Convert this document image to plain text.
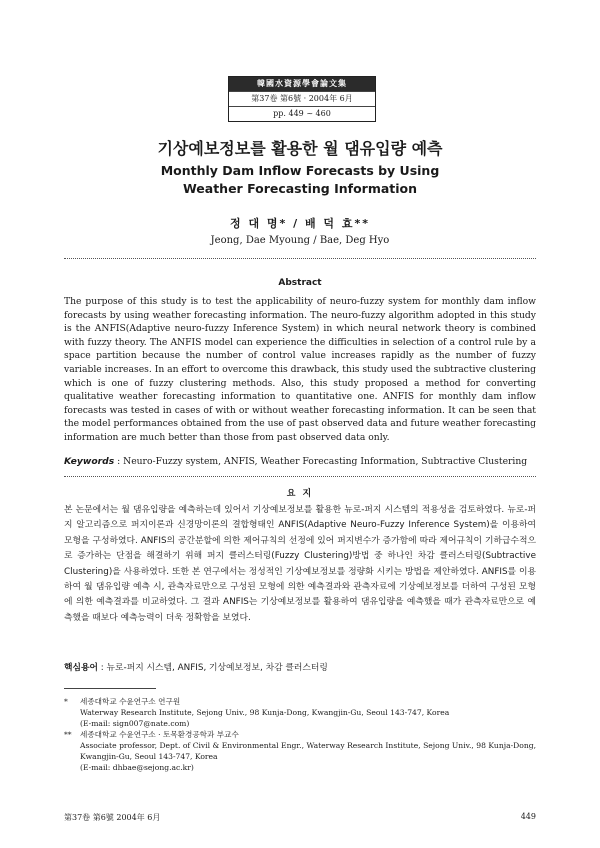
韓國水資源學會論文集
第37卷 第6號 · 2004年 6月
pp. 449 ~ 460
기상예보정보를 활용한 월 댐유입량 예측
Monthly Dam Inflow Forecasts by Using
Weather Forecasting Information
정 대 명* / 배 덕 효**
Jeong, Dae Myoung / Bae, Deg Hyo
Abstract
The purpose of this study is to test the applicability of neuro-fuzzy system for monthly dam inflow forecasts by using weather forecasting information. The neuro-fuzzy algorithm adopted in this study is the ANFIS(Adaptive neuro-fuzzy Inference System) in which neural network theory is combined with fuzzy theory. The ANFIS model can experience the difficulties in selection of a control rule by a space partition because the number of control value increases rapidly as the number of fuzzy variable increases. In an effort to overcome this drawback, this study used the subtractive clustering which is one of fuzzy clustering methods. Also, this study proposed a method for converting qualitative weather forecasting information to quantitative one. ANFIS for monthly dam inflow forecasts was tested in cases of with or without weather forecasting information. It can be seen that the model performances obtained from the use of past observed data and future weather forecasting information are much better than those from past observed data only.
Keywords : Neuro-Fuzzy system, ANFIS, Weather Forecasting Information, Subtractive Clustering
요 지
본 논문에서는 월 댐유입량을 예측하는데 있어서 기상예보정보를 활용한 뉴로-퍼지 시스템의 적용성을 검토하였다. 뉴로-퍼지 알고리즘으로 퍼지이론과 신경망이론의 결합형태인 ANFIS(Adaptive Neuro-Fuzzy Inference System)을 이용하여 모형을 구성하였다. ANFIS의 공간분할에 의한 제어규칙의 선정에 있어 퍼지변수가 증가함에 따라 제어규칙이 기하급수적으로 증가하는 단점을 해결하기 위해 퍼지 클러스터링(Fuzzy Clustering)방법 중 하나인 차감 클러스터링(Subtractive Clustering)을 사용하였다. 또한 본 연구에서는 정성적인 기상예보정보를 정량화 시키는 방법을 제안하였다. ANFIS를 이용하여 월 댐유입량 예측 시, 관측자료만으로 구성된 모형에 의한 예측결과와 관측자료에 기상예보정보를 더하여 구성된 모형에 의한 예측결과를 비교하였다. 그 결과 ANFIS는 기상예보정보를 활용하여 댐유입량을 예측했을 때가 관측자료만으로 예측했을 때보다 예측능력이 더욱 정확함을 보였다.
핵심용어 : 뉴로-퍼지 시스템, ANFIS, 기상예보정보, 차감 클러스터링
*	세종대학교 수윤연구소 연구원
Waterway Research Institute, Sejong Univ., 98 Kunja-Dong, Kwangjin-Gu, Seoul 143-747, Korea
(E-mail: sign007@nate.com)
**	세종대학교 수윤연구소 · 토목환경공학과 부교수
Associate professor, Dept. of Civil & Environmental Engr., Waterway Research Institute, Sejong Univ., 98 Kunja-Dong, Kwangjin-Gu, Seoul 143-747, Korea
(E-mail: dhbae@sejong.ac.kr)
第37卷 第6號 2004年 6月	449
